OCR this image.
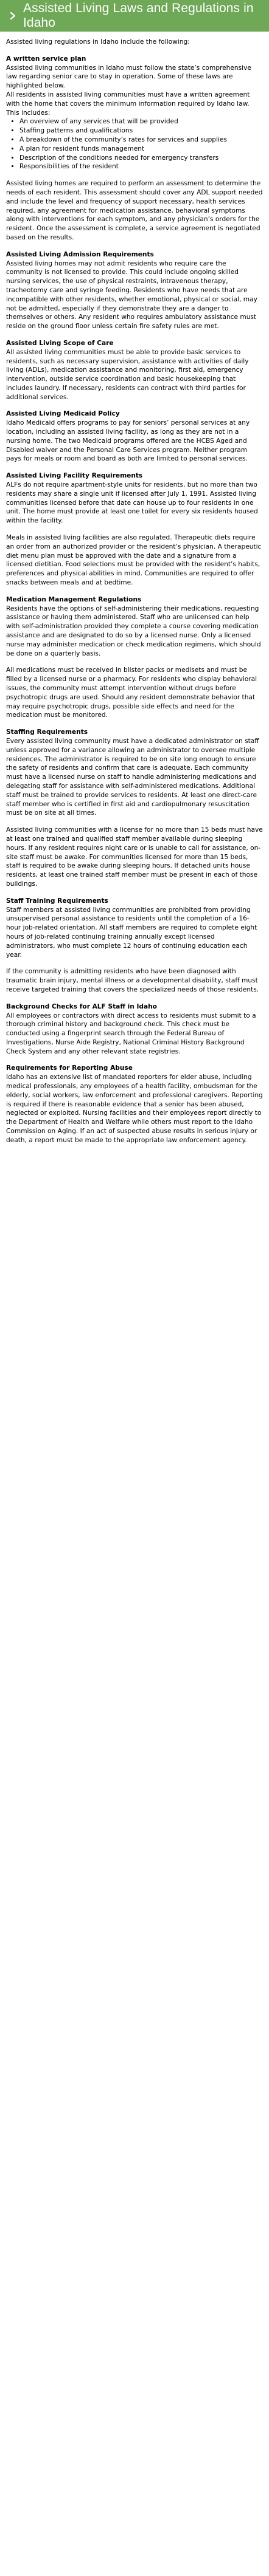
Assisted Living Laws and Regulations in Idaho

Assisted living regulations in Idaho include the following:

A written service plan
Assisted living communities in Idaho must follow the state’s comprehensive law regarding senior care to stay in operation. Some of these laws are highlighted below.
All residents in assisted living communities must have a written agreement with the home that covers the minimum information required by Idaho law. This includes:
• An overview of any services that will be provided
• Staffing patterns and qualifications
• A breakdown of the community’s rates for services and supplies
• A plan for resident funds management
• Description of the conditions needed for emergency transfers
• Responsibilities of the resident

Assisted living homes are required to perform an assessment to determine the needs of each resident. This assessment should cover any ADL support needed and include the level and frequency of support necessary, health services required, any agreement for medication assistance, behavioral symptoms along with interventions for each symptom, and any physician’s orders for the resident. Once the assessment is complete, a service agreement is negotiated based on the results.

Assisted Living Admission Requirements

Assisted living homes may not admit residents who require care the community is not licensed to provide. This could include ongoing skilled nursing services, the use of physical restraints, intravenous therapy, tracheotomy care and syringe feeding. Residents who have needs that are incompatible with other residents, whether emotional, physical or social, may not be admitted, especially if they demonstrate they are a danger to themselves or others. Any resident who requires ambulatory assistance must reside on the ground floor unless certain fire safety rules are met.

Assisted Living Scope of Care

All assisted living communities must be able to provide basic services to residents, such as necessary supervision, assistance with activities of daily living (ADLs), medication assistance and monitoring, first aid, emergency intervention, outside service coordination and basic housekeeping that includes laundry. If necessary, residents can contract with third parties for additional services.

Assisted Living Medicaid Policy

Idaho Medicaid offers programs to pay for seniors’ personal services at any location, including an assisted living facility, as long as they are not in a nursing home. The two Medicaid programs offered are the HCBS Aged and Disabled waiver and the Personal Care Services program. Neither program pays for meals or room and board as both are limited to personal services.

Assisted Living Facility Requirements

ALFs do not require apartment-style units for residents, but no more than two residents may share a single unit if licensed after July 1, 1991. Assisted living communities licensed before that date can house up to four residents in one unit. The home must provide at least one toilet for every six residents housed within the facility.

Meals in assisted living facilities are also regulated. Therapeutic diets require an order from an authorized provider or the resident’s physician. A therapeutic diet menu plan must be approved with the date and a signature from a licensed dietitian. Food selections must be provided with the resident’s habits, preferences and physical abilities in mind. Communities are required to offer snacks between meals and at bedtime.

Medication Management Regulations

Residents have the options of self-administering their medications, requesting assistance or having them administered. Staff who are unlicensed can help with self-administration provided they complete a course covering medication assistance and are designated to do so by a licensed nurse. Only a licensed nurse may administer medication or check medication regimens, which should be done on a quarterly basis.

All medications must be received in blister packs or medisets and must be filled by a licensed nurse or a pharmacy. For residents who display behavioral issues, the community must attempt intervention without drugs before psychotropic drugs are used. Should any resident demonstrate behavior that may require psychotropic drugs, possible side effects and need for the medication must be monitored.

Staffing Requirements

Every assisted living community must have a dedicated administrator on staff unless approved for a variance allowing an administrator to oversee multiple residences. The administrator is required to be on site long enough to ensure the safety of residents and confirm that care is adequate. Each community must have a licensed nurse on staff to handle administering medications and delegating staff for assistance with self-administered medications. Additional staff must be trained to provide services to residents. At least one direct-care staff member who is certified in first aid and cardiopulmonary resuscitation must be on site at all times.

Assisted living communities with a license for no more than 15 beds must have at least one trained and qualified staff member available during sleeping hours. If any resident requires night care or is unable to call for assistance, on-site staff must be awake. For communities licensed for more than 15 beds, staff is required to be awake during sleeping hours. If detached units house residents, at least one trained staff member must be present in each of those buildings.

Staff Training Requirements

Staff members at assisted living communities are prohibited from providing unsupervised personal assistance to residents until the completion of a 16-hour job-related orientation. All staff members are required to complete eight hours of job-related continuing training annually except licensed administrators, who must complete 12 hours of continuing education each year.

If the community is admitting residents who have been diagnosed with traumatic brain injury, mental illness or a developmental disability, staff must receive targeted training that covers the specialized needs of those residents.

Background Checks for ALF Staff in Idaho

All employees or contractors with direct access to residents must submit to a thorough criminal history and background check. This check must be conducted using a fingerprint search through the Federal Bureau of Investigations, Nurse Aide Registry, National Criminal History Background Check System and any other relevant state registries.

Requirements for Reporting Abuse

Idaho has an extensive list of mandated reporters for elder abuse, including medical professionals, any employees of a health facility, ombudsman for the elderly, social workers, law enforcement and professional caregivers. Reporting is required if there is reasonable evidence that a senior has been abused, neglected or exploited. Nursing facilities and their employees report directly to the Department of Health and Welfare while others must report to the Idaho Commission on Aging. If an act of suspected abuse results in serious injury or death, a report must be made to the appropriate law enforcement agency.
